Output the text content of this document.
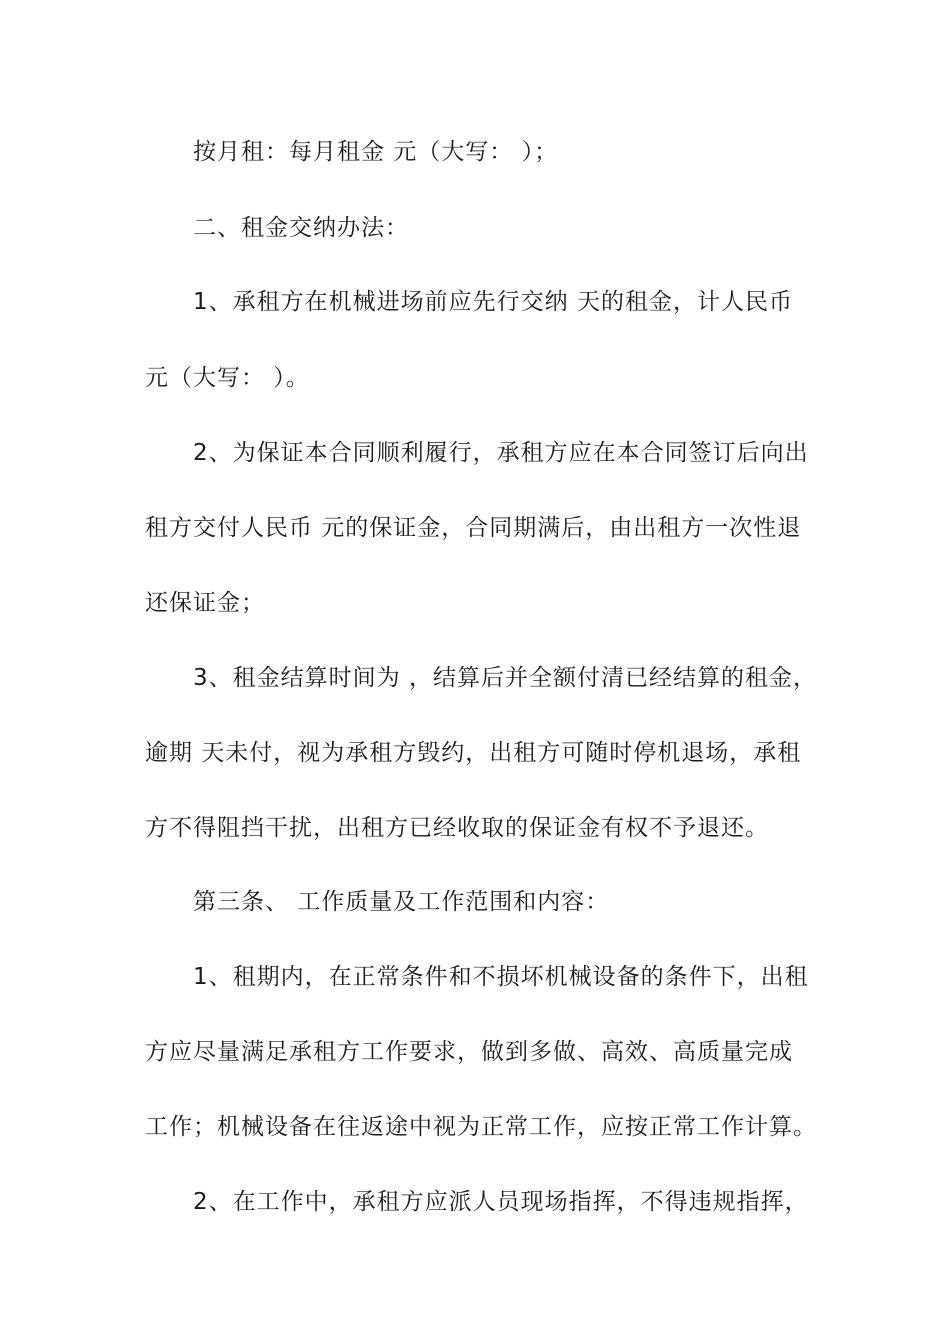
按月租：每月租金 元（大写： ）；
二、租金交纳办法：
1、承租方在机械进场前应先行交纳 天的租金，计人民币
元（大写： ）。
2、为保证本合同顺利履行，承租方应在本合同签订后向出
租方交付人民币 元的保证金，合同期满后，由出租方一次性退
还保证金；
3、租金结算时间为 ，结算后并全额付清已经结算的租金，
逾期 天未付，视为承租方毁约，出租方可随时停机退场，承租
方不得阻挡干扰，出租方已经收取的保证金有权不予退还。
第三条、 工作质量及工作范围和内容：
1、租期内，在正常条件和不损坏机械设备的条件下，出租
方应尽量满足承租方工作要求，做到多做、高效、高质量完成
工作；机械设备在往返途中视为正常工作，应按正常工作计算。
2、在工作中，承租方应派人员现场指挥，不得违规指挥，
